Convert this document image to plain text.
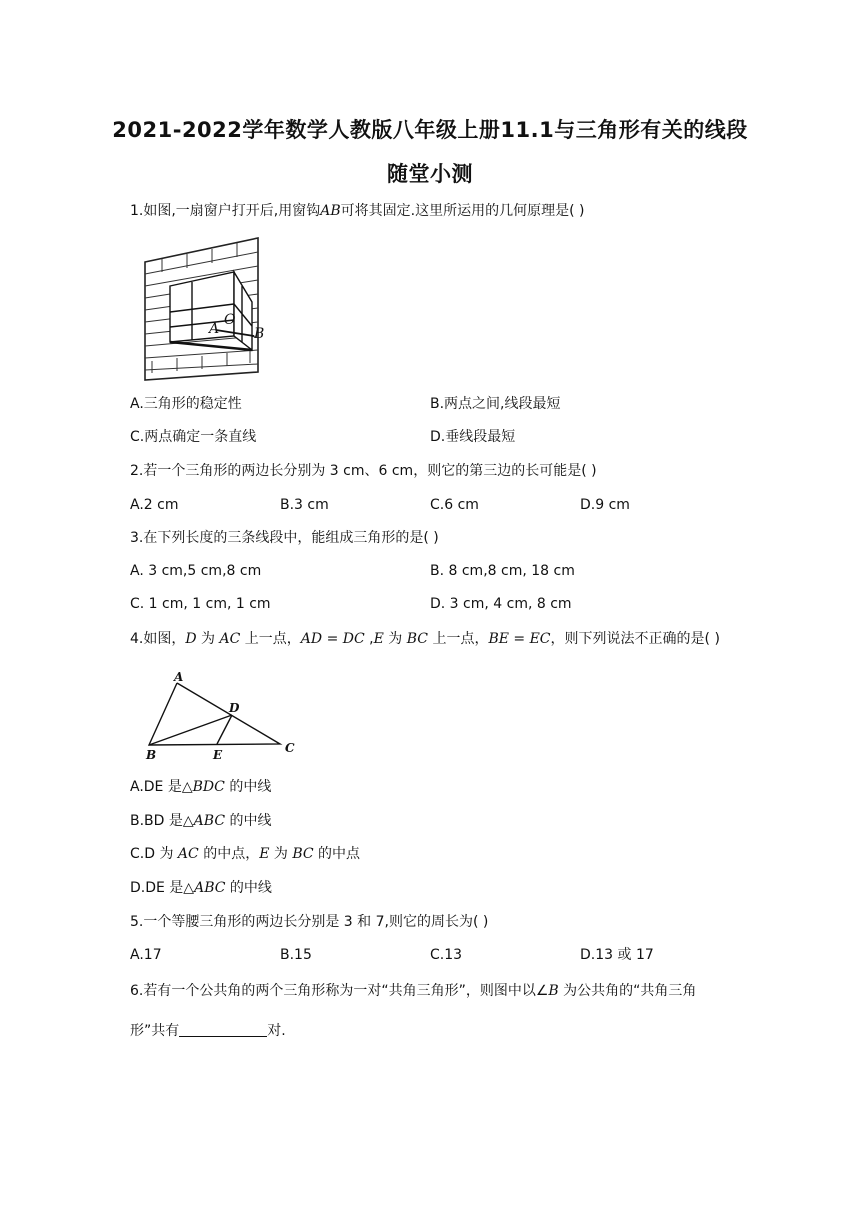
2021-2022学年数学人教版八年级上册11.1与三角形有关的线段
随堂小测
1.如图,一扇窗户打开后,用窗钩AB可将其固定.这里所运用的几何原理是( )
A
O
B
A.三角形的稳定性	B.两点之间,线段最短
C.两点确定一条直线	D.垂线段最短
2.若一个三角形的两边长分别为 3 cm、6 cm，则它的第三边的长可能是( )
A.2 cm	B.3 cm	C.6 cm	D.9 cm
3.在下列长度的三条线段中，能组成三角形的是( )
A. 3 cm,5 cm,8 cm	B. 8 cm,8 cm, 18 cm
C. 1 cm, 1 cm, 1 cm	D. 3 cm, 4 cm, 8 cm
4.如图，D 为 AC 上一点，AD = DC ,E 为 BC 上一点，BE = EC，则下列说法不正确的是( )
A
D
B	E	C
A.DE 是△BDC 的中线
B.BD 是△ABC 的中线
C.D 为 AC 的中点，E 为 BC 的中点
D.DE 是△ABC 的中线
5.一个等腰三角形的两边长分别是 3 和 7,则它的周长为( )
A.17	B.15	C.13	D.13 或 17
6.若有一个公共角的两个三角形称为一对“共角三角形”，则图中以∠B 为公共角的“共角三角
形”共有	对.
